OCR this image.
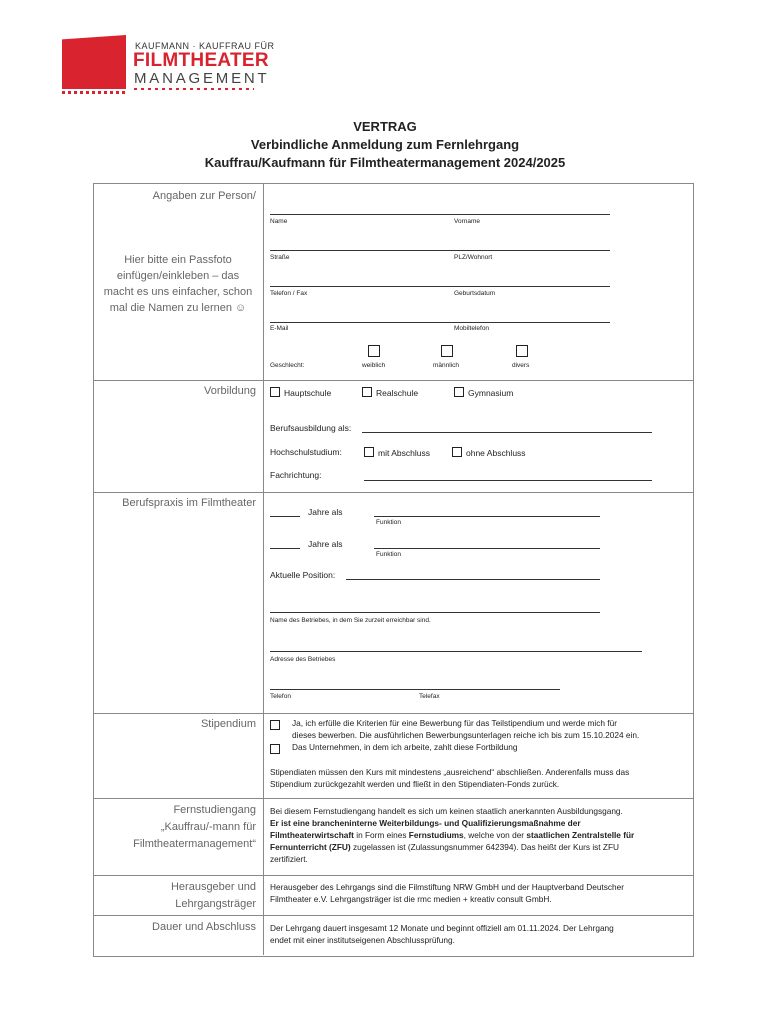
KAUFMANN · KAUFFRAU FÜR
FILMTHEATER
MANAGEMENT
VERTRAG
Verbindliche Anmeldung zum Fernlehrgang
Kauffrau/Kaufmann für Filmtheatermanagement 2024/2025
Angaben zur Person/
Hier bitte ein Passfoto einfügen/einkleben – das macht es uns einfacher, schon mal die Namen zu lernen ☺
Name	Vorname
Straße	PLZ/Wohnort
Telefon / Fax	Geburtsdatum
E-Mail	Mobiltelefon
Geschlecht:	weiblich	männlich	divers
Vorbildung	Hauptschule	Realschule	Gymnasium
Berufsausbildung als:
Hochschulstudium:	mit Abschluss	ohne Abschluss
Fachrichtung:
Berufspraxis im Filmtheater
Jahre als
Funktion
Jahre als
Funktion
Aktuelle Position:
Name des Betriebes, in dem Sie zurzeit erreichbar sind.
Adresse des Betriebes
Telefon	Telefax
Stipendium	Ja, ich erfülle die Kriterien für eine Bewerbung für das Teilstipendium und werde mich für
dieses bewerben. Die ausführlichen Bewerbungsunterlagen reiche ich bis zum 15.10.2024 ein.
Das Unternehmen, in dem ich arbeite, zahlt diese Fortbildung
Stipendiaten müssen den Kurs mit mindestens „ausreichend“ abschließen. Anderenfalls muss das
Stipendium zurückgezahlt werden und fließt in den Stipendiaten-Fonds zurück.
Fernstudiengang
„Kauffrau/-mann für
Filmtheatermanagement“
Bei diesem Fernstudiengang handelt es sich um keinen staatlich anerkannten Ausbildungsgang.
Er ist eine brancheninterne Weiterbildungs- und Qualifizierungsmaßnahme der
Filmtheaterwirtschaft in Form eines Fernstudiums, welche von der staatlichen Zentralstelle für
Fernunterricht (ZFU) zugelassen ist (Zulassungsnummer 642394). Das heißt der Kurs ist ZFU
zertifiziert.
Herausgeber und
Lehrgangsträger
Herausgeber des Lehrgangs sind die Filmstiftung NRW GmbH und der Hauptverband Deutscher
Filmtheater e.V. Lehrgangsträger ist die rmc medien + kreativ consult GmbH.
Dauer und Abschluss Der Lehrgang dauert insgesamt 12 Monate und beginnt offiziell am 01.11.2024. Der Lehrgang
endet mit einer institutseigenen Abschlussprüfung.
